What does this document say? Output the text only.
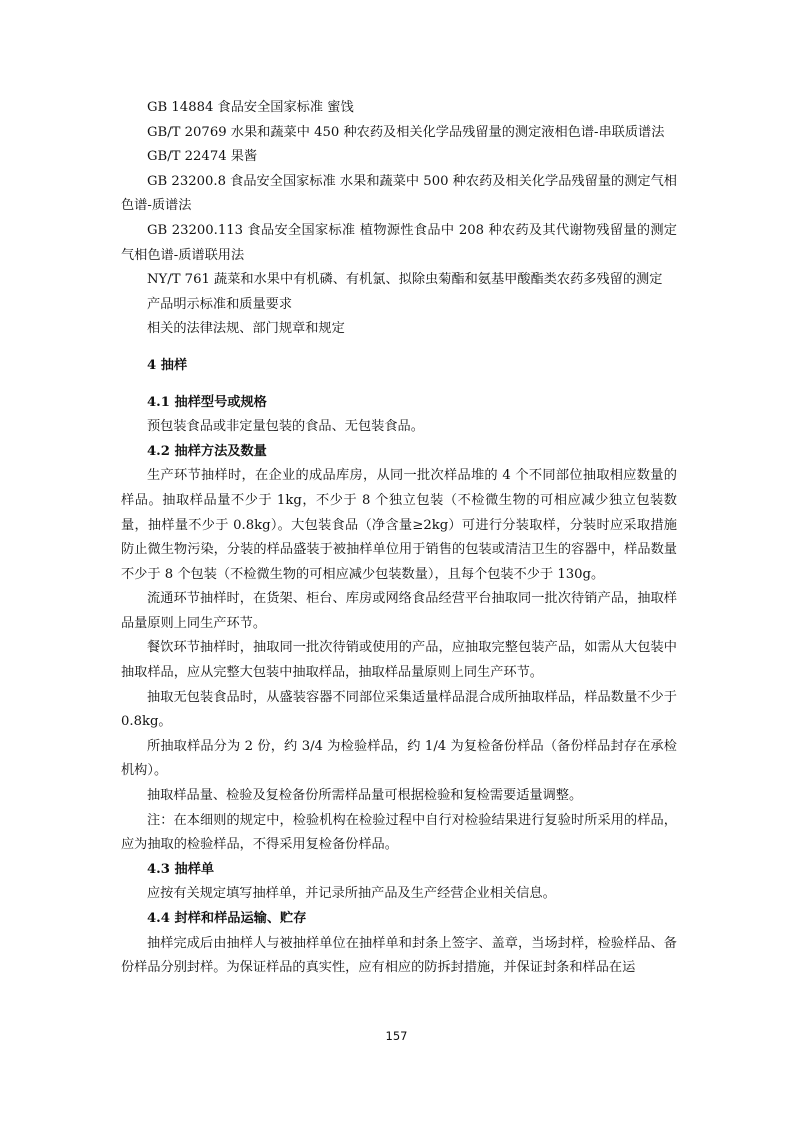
GB 14884 食品安全国家标准 蜜饯
GB/T 20769 水果和蔬菜中 450 种农药及相关化学品残留量的测定液相色谱-串联质谱法
GB/T 22474 果酱
GB 23200.8 食品安全国家标准 水果和蔬菜中 500 种农药及相关化学品残留量的测定气相色谱-质谱法
GB 23200.113 食品安全国家标准 植物源性食品中 208 种农药及其代谢物残留量的测定 气相色谱-质谱联用法
NY/T 761 蔬菜和水果中有机磷、有机氯、拟除虫菊酯和氨基甲酸酯类农药多残留的测定
产品明示标准和质量要求
相关的法律法规、部门规章和规定
4 抽样
4.1 抽样型号或规格
预包装食品或非定量包装的食品、无包装食品。
4.2 抽样方法及数量
生产环节抽样时，在企业的成品库房，从同一批次样品堆的 4 个不同部位抽取相应数量的样品。抽取样品量不少于 1kg，不少于 8 个独立包装（不检微生物的可相应减少独立包装数量，抽样量不少于 0.8kg）。大包装食品（净含量≥2kg）可进行分装取样，分装时应采取措施防止微生物污染，分装的样品盛装于被抽样单位用于销售的包装或清洁卫生的容器中，样品数量不少于 8 个包装（不检微生物的可相应减少包装数量），且每个包装不少于 130g。
流通环节抽样时，在货架、柜台、库房或网络食品经营平台抽取同一批次待销产品，抽取样品量原则上同生产环节。
餐饮环节抽样时，抽取同一批次待销或使用的产品，应抽取完整包装产品，如需从大包装中抽取样品，应从完整大包装中抽取样品，抽取样品量原则上同生产环节。
抽取无包装食品时，从盛装容器不同部位采集适量样品混合成所抽取样品，样品数量不少于 0.8kg。
所抽取样品分为 2 份，约 3/4 为检验样品，约 1/4 为复检备份样品（备份样品封存在承检机构）。
抽取样品量、检验及复检备份所需样品量可根据检验和复检需要适量调整。
注：在本细则的规定中，检验机构在检验过程中自行对检验结果进行复验时所采用的样品，应为抽取的检验样品，不得采用复检备份样品。
4.3 抽样单
应按有关规定填写抽样单，并记录所抽产品及生产经营企业相关信息。
4.4 封样和样品运输、贮存
抽样完成后由抽样人与被抽样单位在抽样单和封条上签字、盖章，当场封样，检验样品、备份样品分别封样。为保证样品的真实性，应有相应的防拆封措施，并保证封条和样品在运
157
